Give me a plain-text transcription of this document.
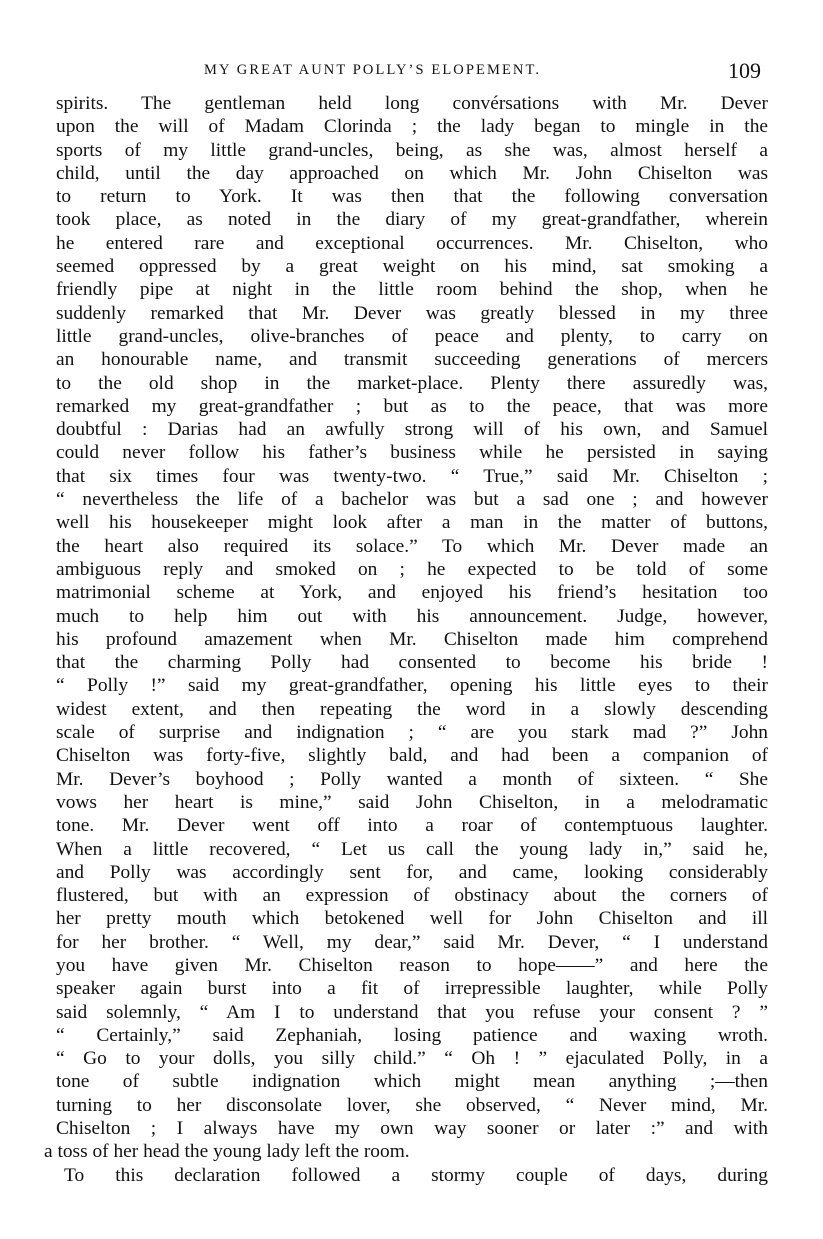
MY GREAT AUNT POLLY’S ELOPEMENT.	109
spirits. The gentleman held long convérsations with Mr. Dever
upon the will of Madam Clorinda ; the lady began to mingle in the
sports of my little grand-uncles, being, as she was, almost herself a
child, until the day approached on which Mr. John Chiselton was
to return to York. It was then that the following conversation
took place, as noted in the diary of my great-grandfather, wherein
he entered rare and exceptional occurrences. Mr. Chiselton, who
seemed oppressed by a great weight on his mind, sat smoking a
friendly pipe at night in the little room behind the shop, when he
suddenly remarked that Mr. Dever was greatly blessed in my three
little grand-uncles, olive-branches of peace and plenty, to carry on
an honourable name, and transmit succeeding generations of mercers
to the old shop in the market-place. Plenty there assuredly was,
remarked my great-grandfather ; but as to the peace, that was more
doubtful : Darias had an awfully strong will of his own, and Samuel
could never follow his father’s business while he persisted in saying
that six times four was twenty-two. “ True,” said Mr. Chiselton ;
“ nevertheless the life of a bachelor was but a sad one ; and however
well his housekeeper might look after a man in the matter of buttons,
the heart also required its solace.” To which Mr. Dever made an
ambiguous reply and smoked on ; he expected to be told of some
matrimonial scheme at York, and enjoyed his friend’s hesitation too
much to help him out with his announcement. Judge, however,
his profound amazement when Mr. Chiselton made him comprehend
that the charming Polly had consented to become his bride !
“ Polly !” said my great-grandfather, opening his little eyes to their
widest extent, and then repeating the word in a slowly descending
scale of surprise and indignation ; “ are you stark mad ?” John
Chiselton was forty-five, slightly bald, and had been a companion of
Mr. Dever’s boyhood ; Polly wanted a month of sixteen. “ She
vows her heart is mine,” said John Chiselton, in a melodramatic
tone. Mr. Dever went off into a roar of contemptuous laughter.
When a little recovered, “ Let us call the young lady in,” said he,
and Polly was accordingly sent for, and came, looking considerably
flustered, but with an expression of obstinacy about the corners of
her pretty mouth which betokened well for John Chiselton and ill
for her brother. “ Well, my dear,” said Mr. Dever, “ I understand
you have given Mr. Chiselton reason to hope——” and here the
speaker again burst into a fit of irrepressible laughter, while Polly
said solemnly, “ Am I to understand that you refuse your consent ? ”
“ Certainly,” said Zephaniah, losing patience and waxing wroth.
“ Go to your dolls, you silly child.” “ Oh ! ” ejaculated Polly, in a
tone of subtle indignation which might mean anything ;—then
turning to her disconsolate lover, she observed, “ Never mind, Mr.
Chiselton ; I always have my own way sooner or later :” and with
a toss of her head the young lady left the room.
To this declaration followed a stormy couple of days, during
